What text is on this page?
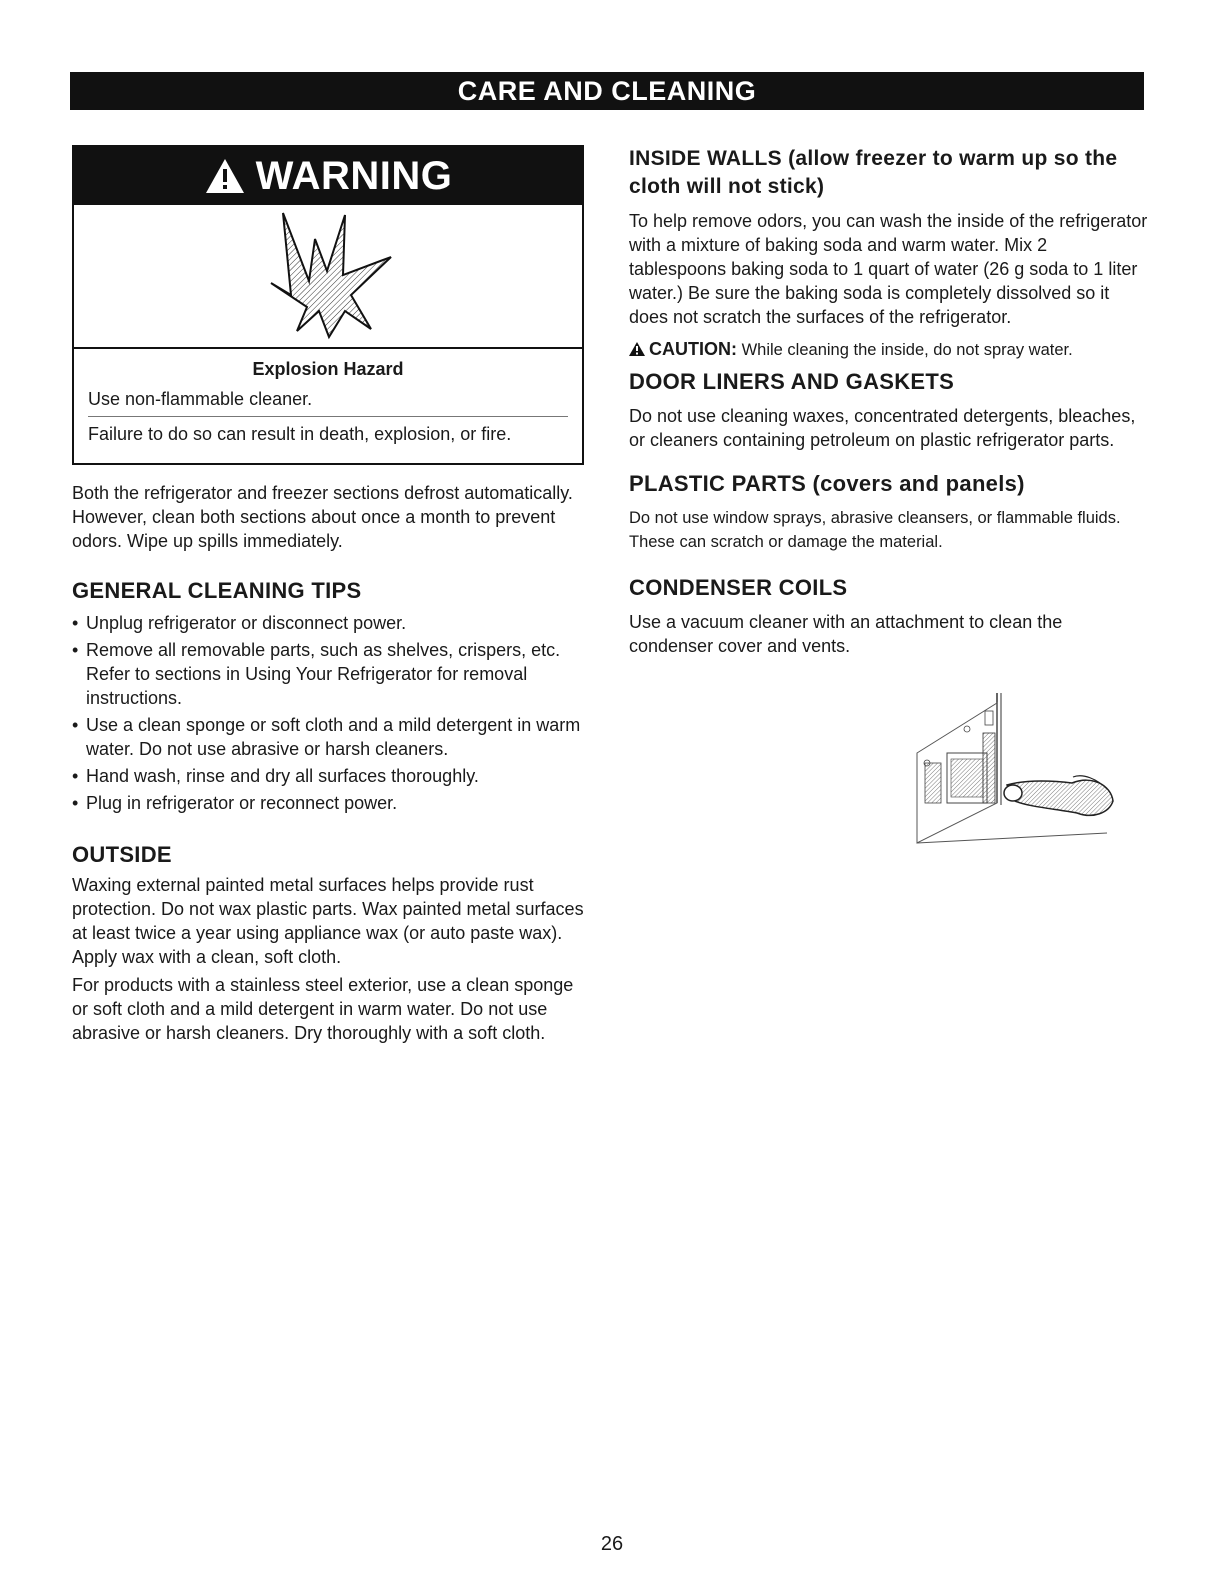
CARE AND CLEANING
WARNING
Explosion Hazard

Use non-flammable cleaner.

Failure to do so can result in death, explosion, or fire.

Both the refrigerator and freezer sections defrost automatically. However, clean both sections about once a month to prevent odors. Wipe up spills immediately.

GENERAL CLEANING TIPS
• Unplug refrigerator or disconnect power.
• Remove all removable parts, such as shelves, crispers, etc. Refer to sections in Using Your Refrigerator for removal instructions.
• Use a clean sponge or soft cloth and a mild detergent in warm water. Do not use abrasive or harsh cleaners.
• Hand wash, rinse and dry all surfaces thoroughly.
• Plug in refrigerator or reconnect power.
OUTSIDE

Waxing external painted metal surfaces helps provide rust protection. Do not wax plastic parts. Wax painted metal surfaces at least twice a year using appliance wax (or auto paste wax). Apply wax with a clean, soft cloth.

For products with a stainless steel exterior, use a clean sponge or soft cloth and a mild detergent in warm water. Do not use abrasive or harsh cleaners. Dry thoroughly with a soft cloth.

INSIDE WALLS (allow freezer to warm up so the cloth will not stick)

To help remove odors, you can wash the inside of the refrigerator with a mixture of baking soda and warm water. Mix 2 tablespoons baking soda to 1 quart of water (26 g soda to 1 liter water.) Be sure the baking soda is completely dissolved so it does not scratch the surfaces of the refrigerator.

CAUTION: While cleaning the inside, do not spray water.

DOOR LINERS AND GASKETS

Do not use cleaning waxes, concentrated detergents, bleaches, or cleaners containing petroleum on plastic refrigerator parts.

PLASTIC PARTS (covers and panels)

Do not use window sprays, abrasive cleansers, or flammable fluids. These can scratch or damage the material.

CONDENSER COILS

Use a vacuum cleaner with an attachment to clean the condenser cover and vents.

26
